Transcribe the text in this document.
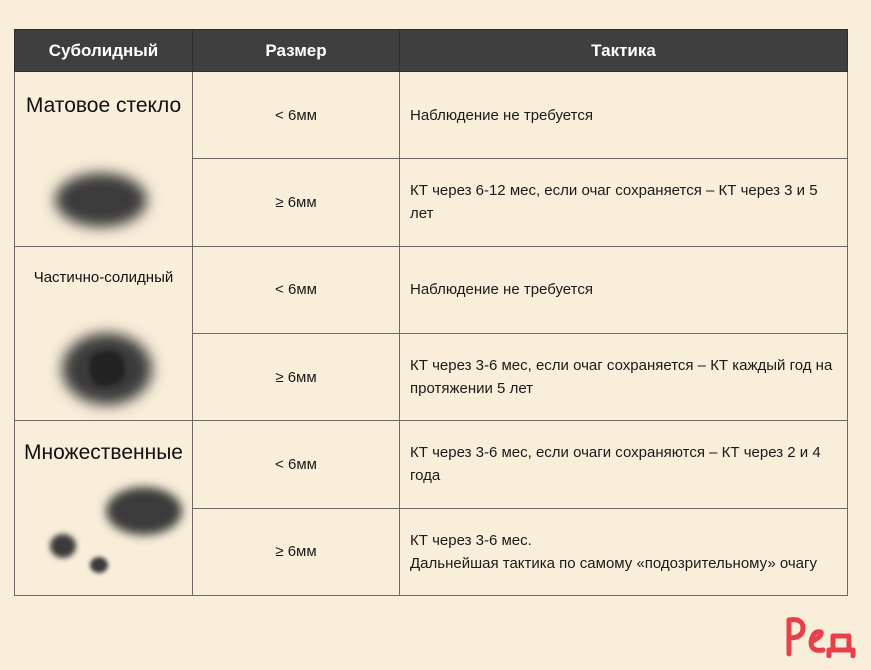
Суболидный	Размер	Тактика

Матовое стекло	< 6мм	Наблюдение не требуется
	≥ 6мм	КТ через 6-12 мес, если очаг сохраняется – КТ через 3 и 5 лет

Частично-солидный	< 6мм	Наблюдение не требуется
	≥ 6мм	КТ через 3-6 мес, если очаг сохраняется – КТ каждый год на протяжении 5 лет

Множественные	< 6мм	КТ через 3-6 мес, если очаги сохраняются – КТ через 2 и 4 года
	≥ 6мм	КТ через 3-6 мес.
Дальнейшая тактика по самому «подозрительному» очагу
